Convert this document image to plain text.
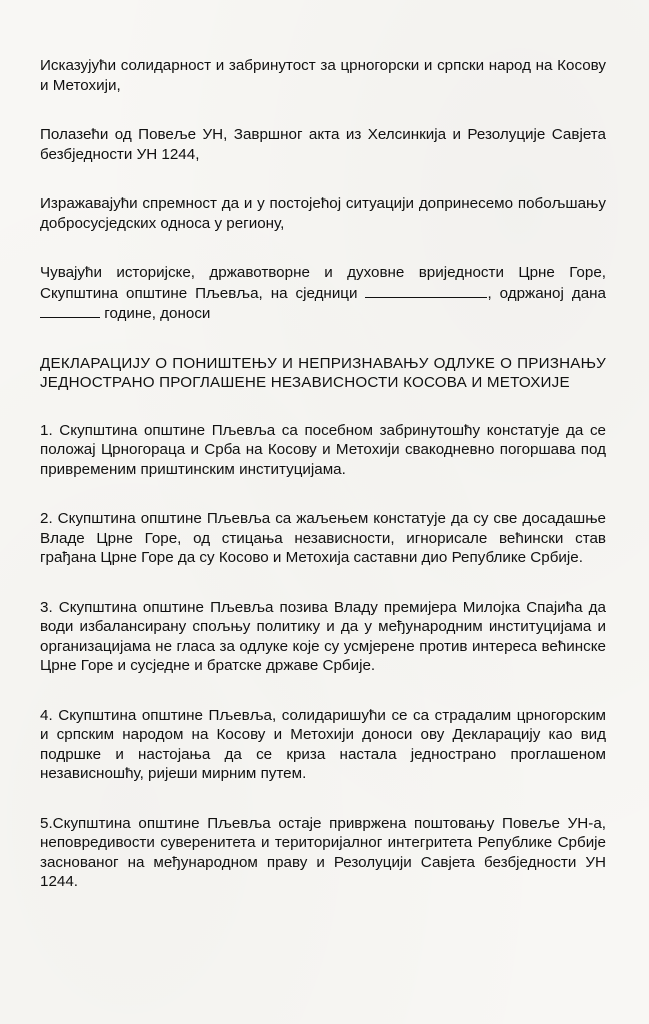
Исказујући солидарност и забринутост за црногорски и српски народ на Косову и Метохији,

Полазећи од Повеље УН, Завршног акта из Хелсинкија и Резолуције Савјета безбједности УН 1244,

Изражавајући спремност да и у постојећој ситуацији допринесемо побољшању добросусједских односа у региону,

Чувајући историјске, државотворне и духовне вриједности Црне Горе, Скупштина општине Пљевља, на сједници	, одржаној дана  године, доноси

ДЕКЛАРАЦИЈУ О ПОНИШТЕЊУ И НЕПРИЗНАВАЊУ ОДЛУКЕ О ПРИЗНАЊУ ЈЕДНОСТРАНО ПРОГЛАШЕНЕ НЕЗАВИСНОСТИ КОСОВА И МЕТОХИЈЕ

1. Скупштина општине Пљевља са посебном забринутошћу констатује да се положај Црногораца и Срба на Косову и Метохији свакодневно погоршава под привременим приштинским институцијама.

2. Скупштина општине Пљевља са жаљењем констатује да су све досадашње Владе Црне Горе, од стицања независности, игнорисале већински став грађана Црне Горе да су Косово и Метохија саставни дио Републике Србије.

3. Скупштина општине Пљевља позива Владу премијера Милојка Спајића да води избалансирану спољњу политику и да у међународним институцијама и организацијама не гласа за одлуке које су усмјерене против интереса већинске Црне Горе и сусједне и братске државе Србије.

4. Скупштина општине Пљевља, солидаришући се са страдалим црногорским и српским народом на Косову и Метохији доноси ову Декларацију као вид подршке и настојања да се криза настала једнострано проглашеном независношћу, ријеши мирним путем.

5.Скупштина општине Пљевља остаје привржена поштовању Повеље УН-а, неповредивости суверенитета и територијалног интегритета Републике Србије заснованог на међународном праву и Резолуцији Савјета безбједности УН 1244.
